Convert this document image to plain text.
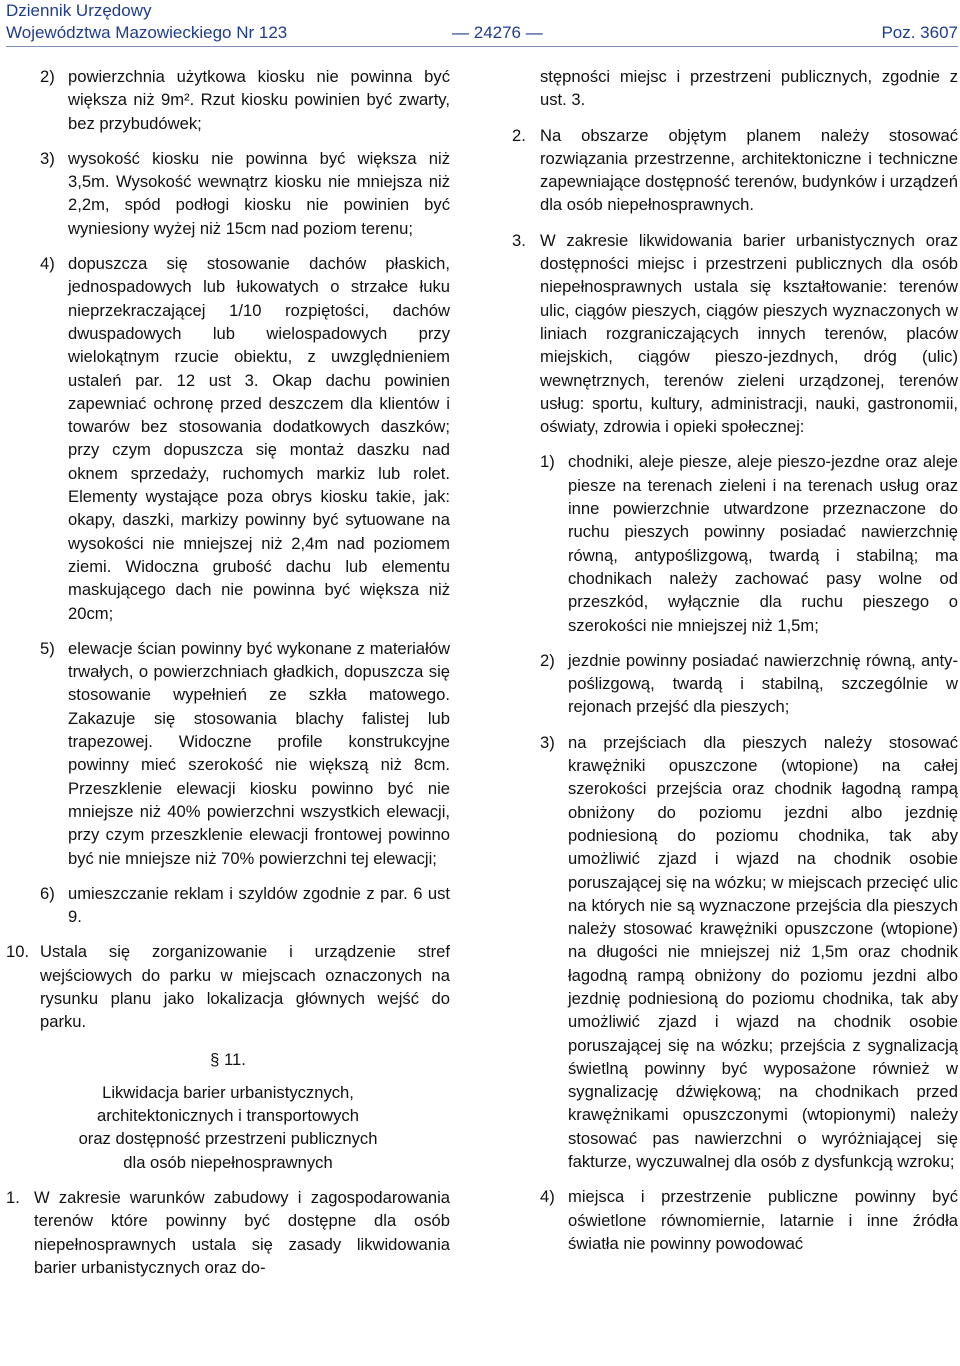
Dziennik Urzędowy
Województwa Mazowieckiego Nr 123
—	24276 —	Poz. 3607
2) powierzchnia użytkowa kiosku nie powinna być większa niż 9m². Rzut kiosku powinien być zwarty, bez przybudówek;
3) wysokość kiosku nie powinna być większa niż 3,5m. Wysokość wewnątrz kiosku nie mniejsza niż 2,2m, spód podłogi kiosku nie powinien być wyniesiony wyżej niż 15cm nad poziom terenu;
4) dopuszcza się stosowanie dachów płaskich, jednospadowych lub łukowatych o strzałce łuku nieprzekraczającej 1/10 rozpiętości, dachów dwuspadowych lub wielospadowych przy wielokątnym rzucie obiektu, z uwzględnieniem ustaleń par. 12 ust 3. Okap dachu powinien zapewniać ochronę przed deszczem dla klientów i towarów bez stosowania dodatkowych daszków; przy czym dopuszcza się montaż daszku nad oknem sprzedaży, ruchomych markiz lub rolet. Elementy wystające poza obrys kiosku takie, jak: okapy, daszki, markizy powinny być sytuowane na wysokości nie mniejszej niż 2,4m nad poziomem ziemi. Widoczna grubość dachu lub elementu maskującego dach nie powinna być większa niż 20cm;
5) elewacje ścian powinny być wykonane z materiałów trwałych, o powierzchniach gładkich, dopuszcza się stosowanie wypełnień ze szkła matowego. Zakazuje się stosowania blachy falistej lub trapezowej. Widoczne profile konstrukcyjne powinny mieć szerokość nie większą niż 8cm. Przeszklenie elewacji kiosku powinno być nie mniejsze niż 40% powierzchni wszystkich elewacji, przy czym przeszklenie elewacji frontowej powinno być nie mniejsze niż 70% powierzchni tej elewacji;
6) umieszczanie reklam i szyldów zgodnie z par. 6 ust 9.
10. Ustala się zorganizowanie i urządzenie stref wejściowych do parku w miejscach oznaczonych na rysunku planu jako lokalizacja głównych wejść do parku.
§ 11.
Likwidacja barier urbanistycznych,
architektonicznych i transportowych
oraz dostępność przestrzeni publicznych
dla osób niepełnosprawnych
1. W zakresie warunków zabudowy i zagospodarowania terenów które powinny być dostępne dla osób niepełnosprawnych ustala się zasady likwidowania barier urbanistycznych oraz do-
stępności miejsc i przestrzeni publicznych, zgodnie z ust. 3.
2. Na obszarze objętym planem należy stosować rozwiązania przestrzenne, architektoniczne i techniczne zapewniające dostępność terenów, budynków i urządzeń dla osób niepełnosprawnych.
3. W zakresie likwidowania barier urbanistycznych oraz dostępności miejsc i przestrzeni publicznych dla osób niepełnosprawnych ustala się kształtowanie: terenów ulic, ciągów pieszych, ciągów pieszych wyznaczonych w liniach rozgraniczających innych terenów, placów miejskich, ciągów pieszo-jezdnych, dróg (ulic) wewnętrznych, terenów zieleni urządzonej, terenów usług: sportu, kultury, administracji, nauki, gastronomii, oświaty, zdrowia i opieki społecznej:
1) chodniki, aleje piesze, aleje pieszo-jezdne oraz aleje piesze na terenach zieleni i na terenach usług oraz inne powierzchnie utwardzone przeznaczone do ruchu pieszych powinny posiadać nawierzchnię równą, antypoślizgową, twardą i stabilną; ma chodnikach należy zachować pasy wolne od przeszkód, wyłącznie dla ruchu pieszego o szerokości nie mniejszej niż 1,5m;
2) jezdnie powinny posiadać nawierzchnię równą, anty-poślizgową, twardą i stabilną, szczególnie w rejonach przejść dla pieszych;
3) na przejściach dla pieszych należy stosować krawężniki opuszczone (wtopione) na całej szerokości przejścia oraz chodnik łagodną rampą obniżony do poziomu jezdni albo jezdnię podniesioną do poziomu chodnika, tak aby umożliwić zjazd i wjazd na chodnik osobie poruszającej się na wózku; w miejscach przecięć ulic na których nie są wyznaczone przejścia dla pieszych należy stosować krawężniki opuszczone (wtopione) na długości nie mniejszej niż 1,5m oraz chodnik łagodną rampą obniżony do poziomu jezdni albo jezdnię podniesioną do poziomu chodnika, tak aby umożliwić zjazd i wjazd na chodnik osobie poruszającej się na wózku; przejścia z sygnalizacją świetlną powinny być wyposażone również w sygnalizację dźwiękową; na chodnikach przed krawężnikami opuszczonymi (wtopionymi) należy stosować pas nawierzchni o wyróżniającej się fakturze, wyczuwalnej dla osób z dysfunkcją wzroku;
4) miejsca i przestrzenie publiczne powinny być oświetlone równomiernie, latarnie i inne źródła światła nie powinny powodować
